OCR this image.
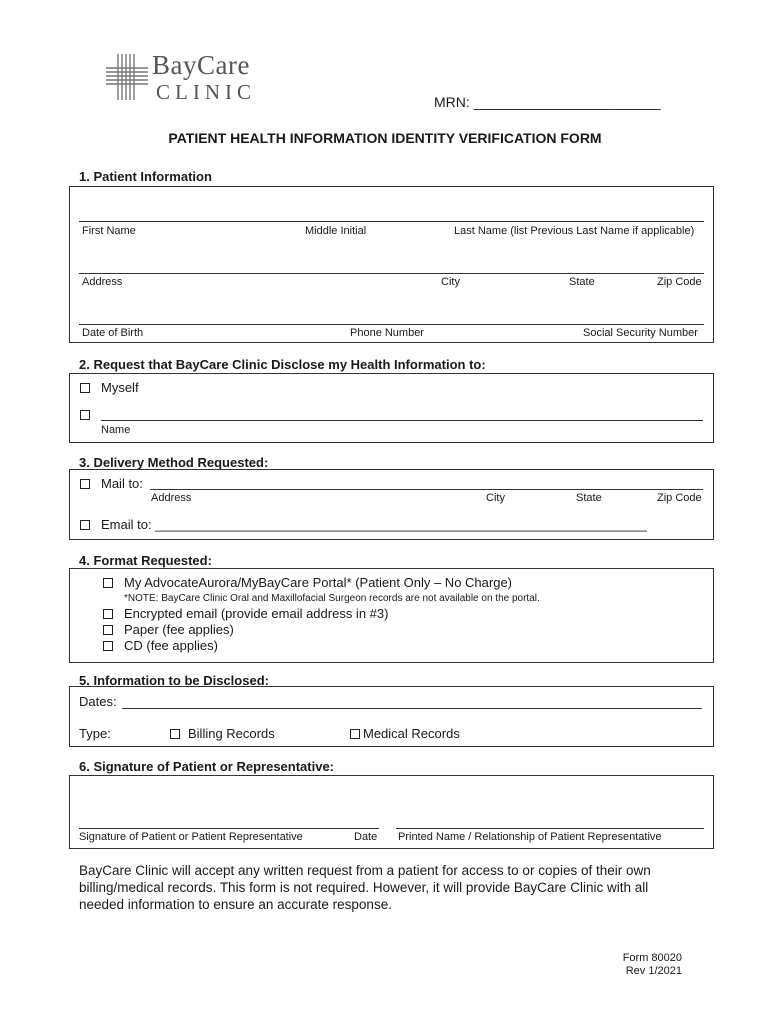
BayCare
CLINIC	MRN: ________________________
PATIENT HEALTH INFORMATION IDENTITY VERIFICATION FORM
1. Patient Information
First Name	Middle Initial	Last Name (list Previous Last Name if applicable)
Address	City	State	Zip Code
Date of Birth	Phone Number	Social Security Number
2. Request that BayCare Clinic Disclose my Health Information to:
Myself
Name
3. Delivery Method Requested:
Mail to:
Address	City	State	Zip Code
Email to: ____________________________________________________________________
4. Format Requested:
My AdvocateAurora/MyBayCare Portal* (Patient Only – No Charge)
*NOTE: BayCare Clinic Oral and Maxillofacial Surgeon records are not available on the portal.
Encrypted email (provide email address in #3)
Paper (fee applies)
CD (fee applies)
5. Information to be Disclosed:
Dates:
Type:	Billing Records	Medical Records
6. Signature of Patient or Representative:
Signature of Patient or Patient Representative	Date Printed Name / Relationship of Patient Representative
BayCare Clinic will accept any written request from a patient for access to or copies of their own
billing/medical records. This form is not required. However, it will provide BayCare Clinic with all
needed information to ensure an accurate response.
Form 80020
Rev 1/2021
